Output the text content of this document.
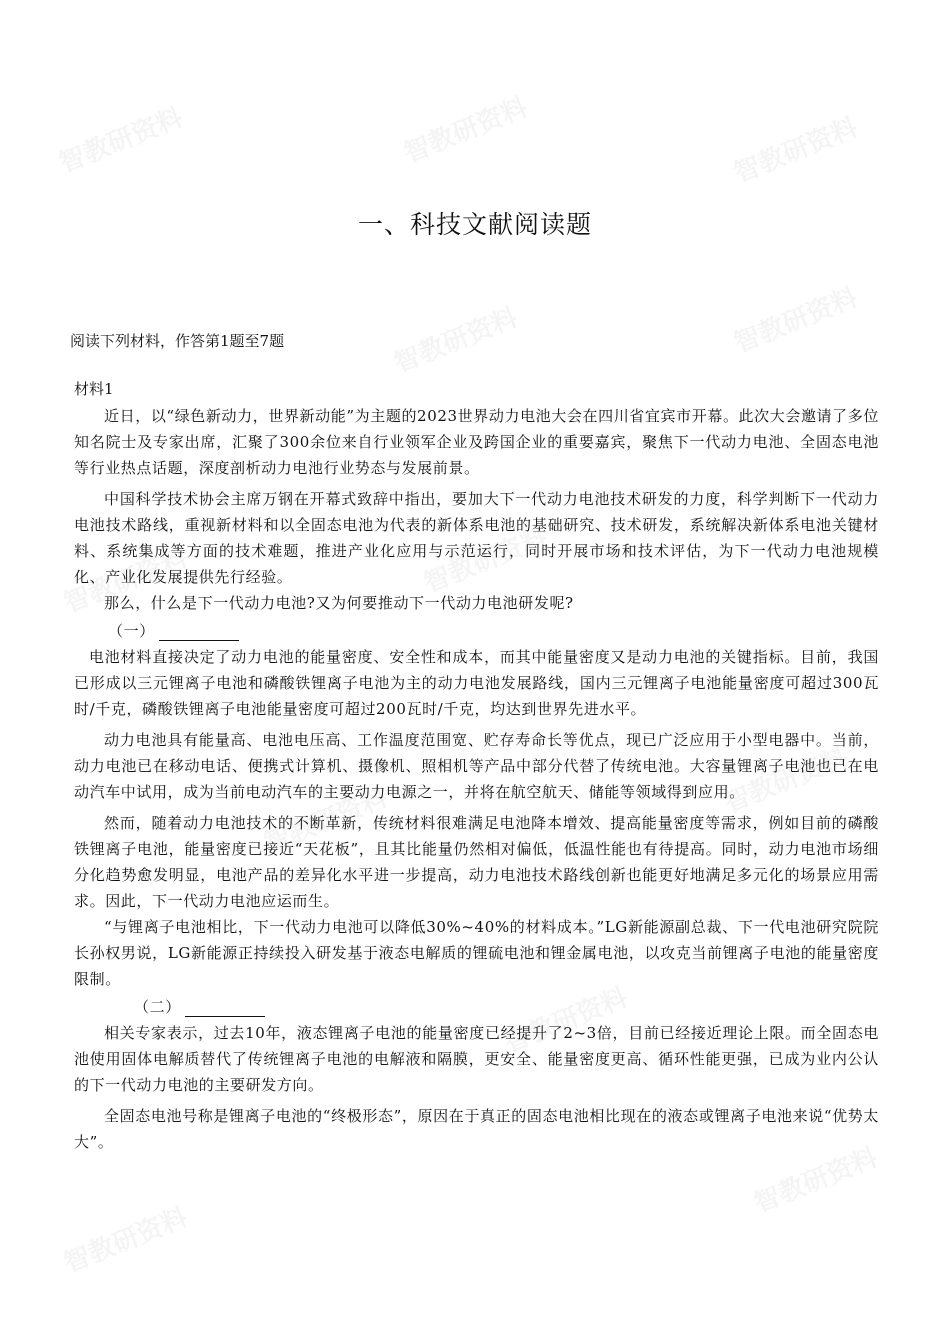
一、科技文献阅读题
阅读下列材料，作答第1题至7题
材料1

近日，以“绿色新动力，世界新动能”为主题的2023世界动力电池大会在四川省宜宾市开幕。此次大会邀请了多位知名院士及专家出席，汇聚了300余位来自行业领军企业及跨国企业的重要嘉宾，聚焦下一代动力电池、全固态电池等行业热点话题，深度剖析动力电池行业势态与发展前景。

中国科学技术协会主席万钢在开幕式致辞中指出，要加大下一代动力电池技术研发的力度，科学判断下一代动力电池技术路线，重视新材料和以全固态电池为代表的新体系电池的基础研究、技术研发，系统解决新体系电池关键材料、系统集成等方面的技术难题，推进产业化应用与示范运行，同时开展市场和技术评估，为下一代动力电池规模化、产业化发展提供先行经验。

那么，什么是下一代动力电池?又为何要推动下一代动力电池研发呢?

（一）

电池材料直接决定了动力电池的能量密度、安全性和成本，而其中能量密度又是动力电池的关键指标。目前，我国已形成以三元锂离子电池和磷酸铁锂离子电池为主的动力电池发展路线，国内三元锂离子电池能量密度可超过300瓦时/千克，磷酸铁锂离子电池能量密度可超过200瓦时/千克，均达到世界先进水平。

动力电池具有能量高、电池电压高、工作温度范围宽、贮存寿命长等优点，现已广泛应用于小型电器中。当前，动力电池已在移动电话、便携式计算机、摄像机、照相机等产品中部分代替了传统电池。大容量锂离子电池也已在电动汽车中试用，成为当前电动汽车的主要动力电源之一，并将在航空航天、储能等领域得到应用。

然而，随着动力电池技术的不断革新，传统材料很难满足电池降本增效、提高能量密度等需求，例如目前的磷酸铁锂离子电池，能量密度已接近“天花板”，且其比能量仍然相对偏低，低温性能也有待提高。同时，动力电池市场细分化趋势愈发明显，电池产品的差异化水平进一步提高，动力电池技术路线创新也能更好地满足多元化的场景应用需求。因此，下一代动力电池应运而生。

“与锂离子电池相比，下一代动力电池可以降低30%~40%的材料成本。”LG新能源副总裁、下一代电池研究院院长孙权男说，LG新能源正持续投入研发基于液态电解质的锂硫电池和锂金属电池，以攻克当前锂离子电池的能量密度限制。

（二）

相关专家表示，过去10年，液态锂离子电池的能量密度已经提升了2~3倍，目前已经接近理论上限。而全固态电池使用固体电解质替代了传统锂离子电池的电解液和隔膜，更安全、能量密度更高、循环性能更强，已成为业内公认的下一代动力电池的主要研发方向。

全固态电池号称是锂离子电池的“终极形态”，原因在于真正的固态电池相比现在的液态或锂离子电池来说“优势太大”。
